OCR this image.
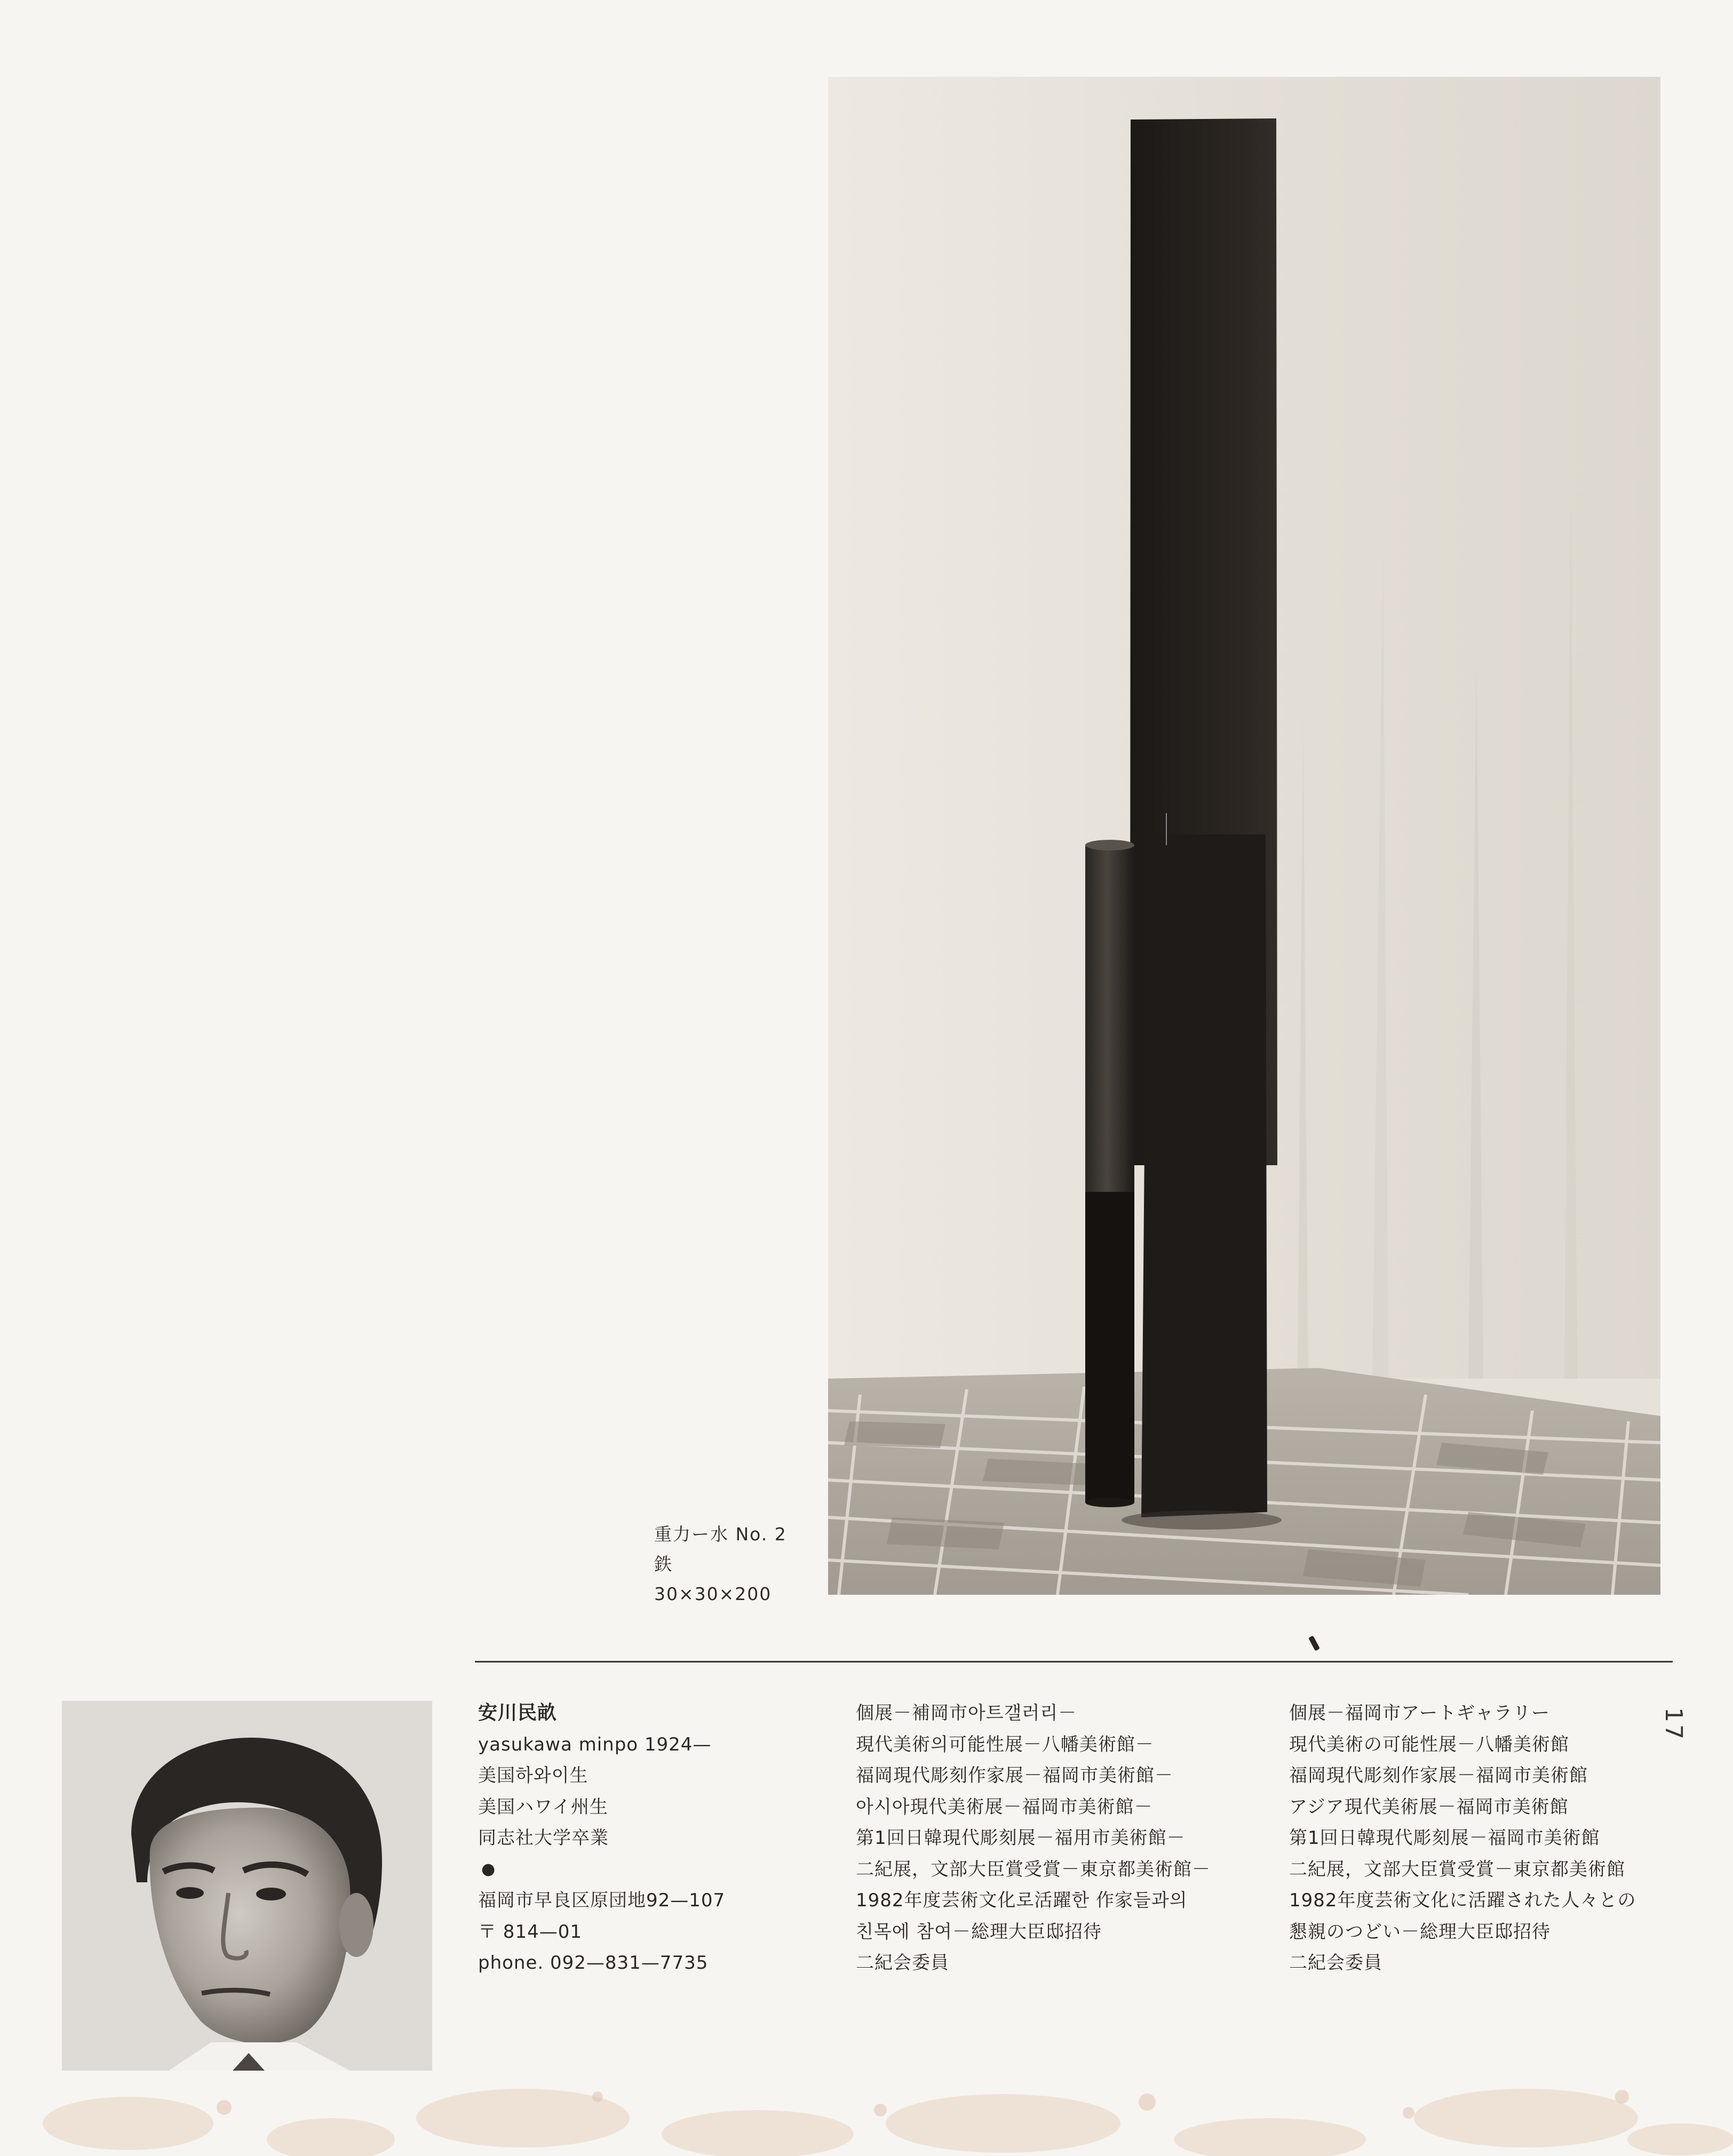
重力ー水 No. 2
鉄
30×30×200
17
安川民畝
yasukawa minpo 1924—
美国하와이生
美国ハワイ州生
同志社大学卒業
●
福岡市早良区原団地92—107
〒 814—01
phone. 092—831—7735
個展－補岡市아트갤러리－
現代美術의可能性展－八幡美術館－
福岡現代彫刻作家展－福岡市美術館－
아시아現代美術展－福岡市美術館－
第1回日韓現代彫刻展－福用市美術館－
二紀展，文部大臣賞受賞－東京都美術館－
1982年度芸術文化로活躍한 作家들과의
친목에 참여－総理大臣邸招待
二紀会委員
個展－福岡市アートギャラリー
現代美術の可能性展－八幡美術館
福岡現代彫刻作家展－福岡市美術館
アジア現代美術展－福岡市美術館
第1回日韓現代彫刻展－福岡市美術館
二紀展，文部大臣賞受賞－東京都美術館
1982年度芸術文化に活躍された人々との
懇親のつどい－総理大臣邸招待
二紀会委員
